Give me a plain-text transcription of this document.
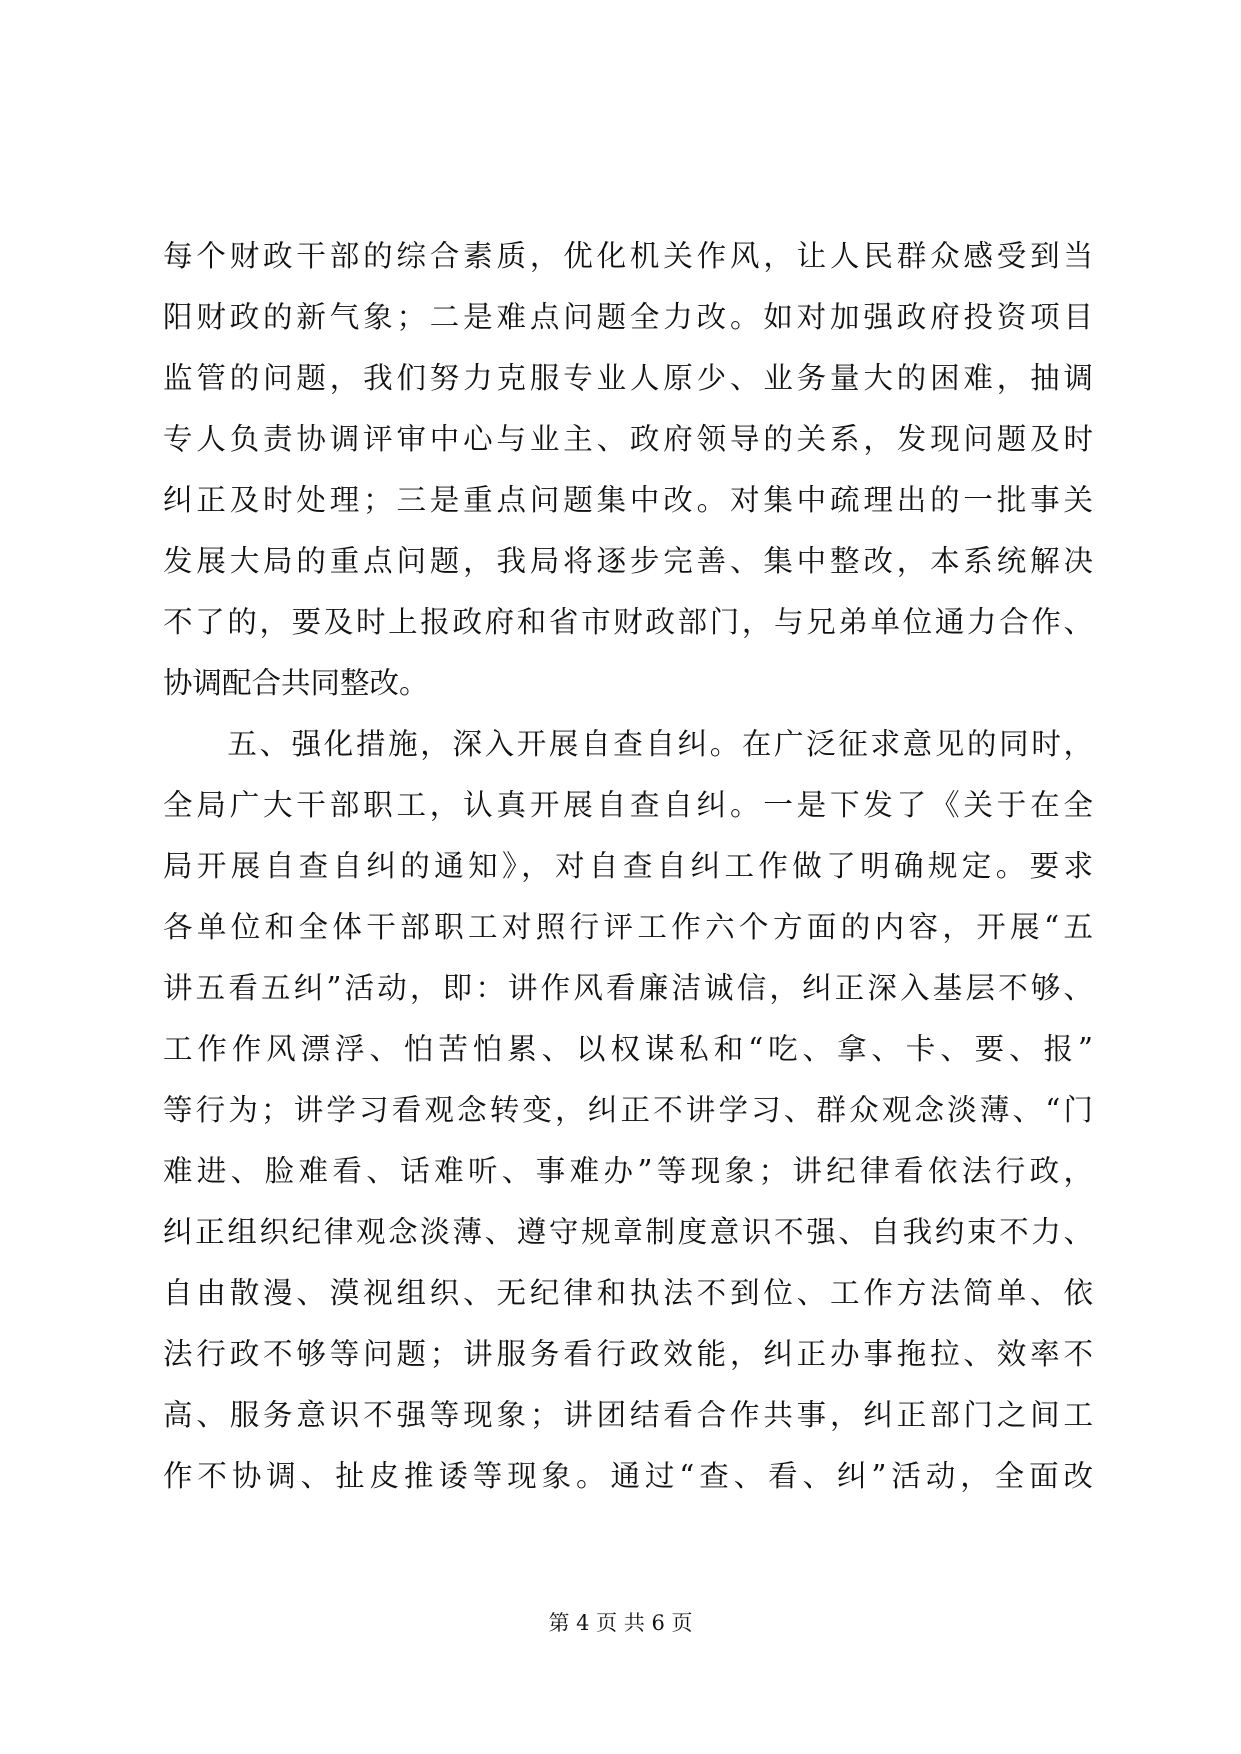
每个财政干部的综合素质，优化机关作风，让人民群众感受到当
阳财政的新气象；二是难点问题全力改。如对加强政府投资项目
监管的问题，我们努力克服专业人原少、业务量大的困难，抽调
专人负责协调评审中心与业主、政府领导的关系，发现问题及时
纠正及时处理；三是重点问题集中改。对集中疏理出的一批事关
发展大局的重点问题，我局将逐步完善、集中整改，本系统解决
不了的，要及时上报政府和省市财政部门，与兄弟单位通力合作、
协调配合共同整改。
　　五、强化措施，深入开展自查自纠。在广泛征求意见的同时，
全局广大干部职工，认真开展自查自纠。一是下发了《关于在全
局开展自查自纠的通知》，对自查自纠工作做了明确规定。要求
各单位和全体干部职工对照行评工作六个方面的内容，开展“五
讲五看五纠”活动，即：讲作风看廉洁诚信，纠正深入基层不够、
工作作风漂浮、怕苦怕累、以权谋私和“吃、拿、卡、要、报”
等行为；讲学习看观念转变，纠正不讲学习、群众观念淡薄、“门
难进、脸难看、话难听、事难办”等现象；讲纪律看依法行政，
纠正组织纪律观念淡薄、遵守规章制度意识不强、自我约束不力、
自由散漫、漠视组织、无纪律和执法不到位、工作方法简单、依
法行政不够等问题；讲服务看行政效能，纠正办事拖拉、效率不
高、服务意识不强等现象；讲团结看合作共事，纠正部门之间工
作不协调、扯皮推诿等现象。通过“查、看、纠”活动，全面改
第 4 页 共 6 页
